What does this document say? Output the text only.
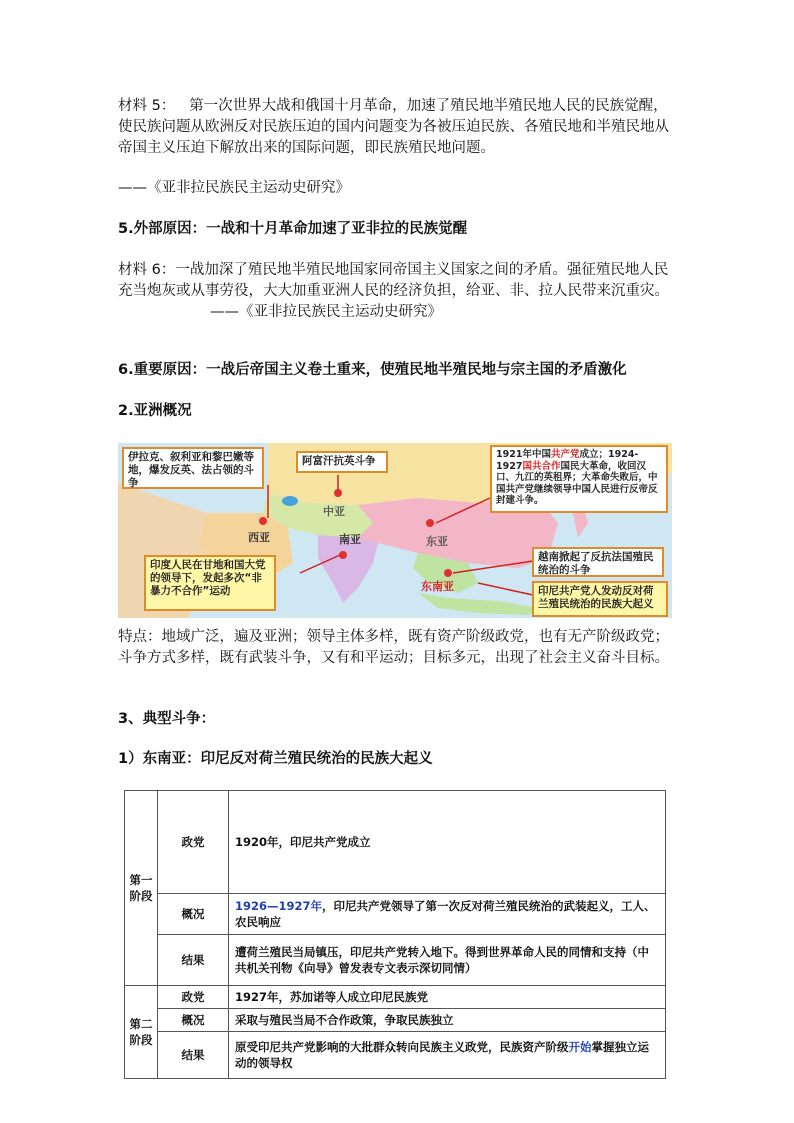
材料 5： 第一次世界大战和俄国十月革命，加速了殖民地半殖民地人民的民族觉醒，使民族问题从欧洲反对民族压迫的国内问题变为各被压迫民族、各殖民地和半殖民地从帝国主义压迫下解放出来的国际问题，即民族殖民地问题。

——《亚非拉民族民主运动史研究》

5.外部原因：一战和十月革命加速了亚非拉的民族觉醒

材料 6：一战加深了殖民地半殖民地国家同帝国主义国家之间的矛盾。强征殖民地人民充当炮灰或从事劳役，大大加重亚洲人民的经济负担，给亚、非、拉人民带来沉重灾。——《亚非拉民族民主运动史研究》

6.重要原因：一战后帝国主义卷土重来，使殖民地半殖民地与宗主国的矛盾激化

2.亚洲概况

西亚	南亚
中亚
东亚
东南亚
伊拉克、叙利亚和黎巴嫩等地，爆发反英、法占领的斗争
阿富汗抗英斗争
1921年中国共产党成立；1924-1927国共合作国民大革命，收回汉口、九江的英租界；大革命失败后，中国共产党继续领导中国人民进行反帝反封建斗争。
印度人民在甘地和国大党的领导下，发起多次“非暴力不合作”运动
越南掀起了反抗法国殖民统治的斗争
印尼共产党人发动反对荷兰殖民统治的民族大起义

特点：地域广泛，遍及亚洲；领导主体多样，既有资产阶级政党，也有无产阶级政党；斗争方式多样，既有武装斗争，又有和平运动；目标多元，出现了社会主义奋斗目标。

3、典型斗争：

1）东南亚：印尼反对荷兰殖民统治的民族大起义

第一阶段	政党	1920年，印尼共产党成立
	概况	1926—1927年，印尼共产党领导了第一次反对荷兰殖民统治的武装起义，工人、农民响应
	结果	遭荷兰殖民当局镇压，印尼共产党转入地下。得到世界革命人民的同情和支持（中共机关刊物《向导》曾发表专文表示深切同情）
第二阶段	政党	1927年，苏加诺等人成立印尼民族党
	概况	采取与殖民当局不合作政策，争取民族独立
	结果	原受印尼共产党影响的大批群众转向民族主义政党，民族资产阶级开始掌握独立运动的领导权
